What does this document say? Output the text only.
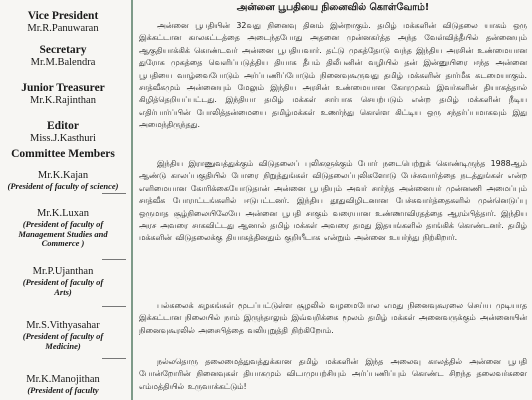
Vice President
Mr.R.Panuwaran
Secretary
Mr.M.Balendra
Junior Treasurer
Mr.K.Rajinthan
Editor
Miss.J.Kasthuri
Committee Members
Mr.K.Kajan
(President of faculty of science)
Mr.K.Luxan
(President of faculty of Management Studies and Commerce )
Mr.P.Ujanthan
(President of faculty of Arts)
Mr.S.Vithyasahar
(President of faculty of Medicine)
Mr.K.Manojithan
(President of faculty
அன்னை பூபதியை நினைவில் கொள்வோம்!

அன்னை பூபதியின் 32வது நினைவு தினம் இன்றாகும். தமிழ் மக்களின் விடுதலை யாகம் ஒரு இக்கட்டான காலகட்டத்தை அடைந்தபோது அதனை முன்னகர்த்த அந்த வேள்வித்தீயில் தன்னையும் ஆகுதியாக்கிக் கொண்டவர் அன்னை பூபதியவார். தட்டு முகத்தோடு வந்த இந்திய அரசின் உண்மையான துரோக முகத்தை வெளிப்படுத்திய தியாக தீபம் திலீபனின் வழியில் தன் இன்னுயிரை ஈந்த அன்னை பூபதியை வாழ்வைபோடும் அர்ப்பணிப்போடும் நினைவுகூருவது தமிழ் மக்களின் தார்மீக கடமையாகும். சாத்வீகமும் அன்னையும் மேலும் இந்திய அரசின் உண்மையான கோரமுகம் இவர்களின் தியாகத்தால் கிழித்தெறியப்பட்டது. இந்தியா தமிழ் மக்கள் சார்பாக செயற்படும் என்ற தமிழ் மக்களின் நீடிய எதிர்பார்ப்பின் போலித்தன்மையை தமிழ்மக்கள் உணர்ந்து கொள்ள கிட்டிய ஒரு சந்தர்ப்பமாகவும் இது அமைந்திருந்தது.

இந்திய இராணுவத்துக்கும் விடுதலைப் புலிகளுக்கும் போர் நடைபெற்றுக் கொண்டிருந்த 1988ஆம் ஆண்டு காலப்பகுதியில் போரை நிறுத்துங்கள் விடுதலைப்புலிகளோடு பேச்சுவார்த்தை நடத்துங்கள் என்ற எளிமையான கோரிக்கையோடுதான் அன்னை பூபதியும் அவர் சார்ந்த அன்னையர் முன்னணி அமைப்பும் சாத்வீக போராட்டங்களில் ஈடுபட்டனர். இந்திய தூதுவிழிடனான பேச்சுவார்த்தைகளில் முன்னெடுப்பு ஒருமாத சூழ்நிலையிலேயே அன்னை பூபதி சாகும் வரையான உண்ணாவிரதத்தை ஆரம்பித்தார். இந்திய அரச அவரை சாகவிட்டது ஆனால் தமிழ் மக்கள் அவரை தமது இதயங்களில் தாங்கிக் கொண்டனர். தமிழ் மக்களின் விடுதலைக்கு தியாகத்தினதும் குறியீடாக என்றும் அன்னை உயர்ந்து நிற்கிறார்.

பல்கலைக் கழகங்கள் மூடப்பட்டுள்ள சூழலில் வழமைபோல எமது நினைவுகூரலை செய்ய முடியாத இக்கட்டான நிலையில் நாம் இருந்தாலும் இவ்வறிக்கை மூலம் தமிழ் மக்கள் அனைவருக்கும் அன்னையின் நினைவுகூரலில் அசைபித்தை வலியுறுத்தி நிற்கிறோம்.

நல்லதொரு தலைமைத்துவத்துக்கான தமிழ் மக்களின் இந்த அலைவு காலத்தில் அன்னை பூபதி போன்றோரின் நினைவுகள் தியாகமும் விடாமுயற்சியும் அர்ப்பணிப்பும் கொண்ட சிறந்த தலைவர்களை எம்மத்தியில் உருவாக்கட்டும்!
